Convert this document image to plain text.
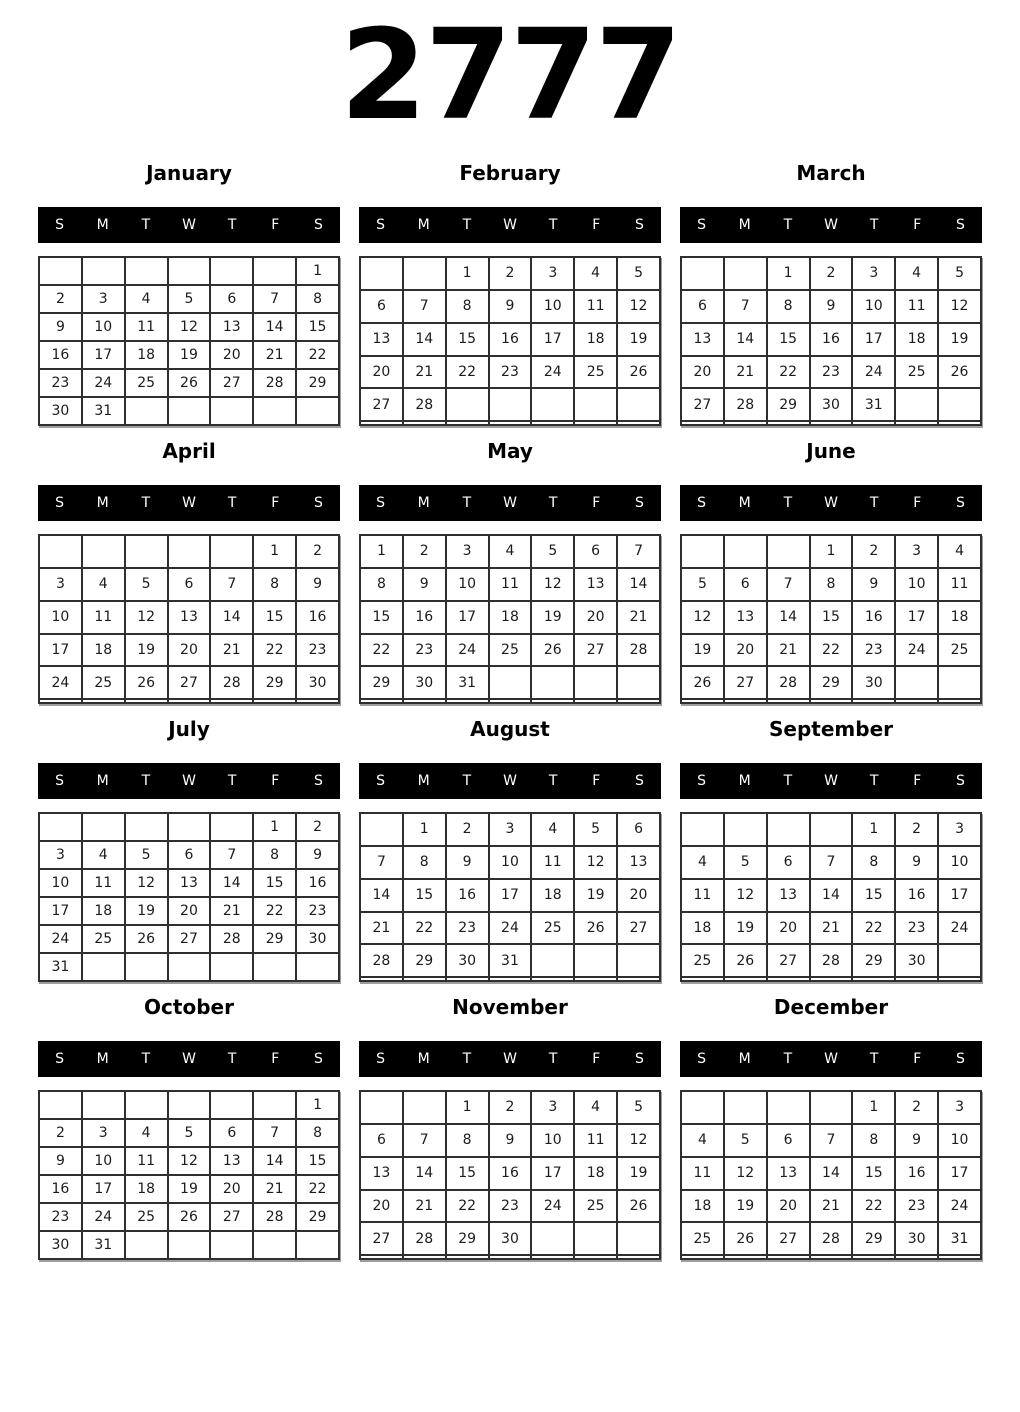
2777
January
S	M	T	W	T	F	S
						1
2	3	4	5	6	7	8
9	10	11	12	13	14	15
16	17	18	19	20	21	22
23	24	25	26	27	28	29
30	31					
February
S	M	T	W	T	F	S
		1	2	3	4	5
6	7	8	9	10	11	12
13	14	15	16	17	18	19
20	21	22	23	24	25	26
27	28					

March
S	M	T	W	T	F	S
		1	2	3	4	5
6	7	8	9	10	11	12
13	14	15	16	17	18	19
20	21	22	23	24	25	26
27	28	29	30	31		

April
S	M	T	W	T	F	S
					1	2
3	4	5	6	7	8	9
10	11	12	13	14	15	16
17	18	19	20	21	22	23
24	25	26	27	28	29	30

May
S	M	T	W	T	F	S
1	2	3	4	5	6	7
8	9	10	11	12	13	14
15	16	17	18	19	20	21
22	23	24	25	26	27	28
29	30	31				

June
S	M	T	W	T	F	S
			1	2	3	4
5	6	7	8	9	10	11
12	13	14	15	16	17	18
19	20	21	22	23	24	25
26	27	28	29	30		

July
S	M	T	W	T	F	S
					1	2
3	4	5	6	7	8	9
10	11	12	13	14	15	16
17	18	19	20	21	22	23
24	25	26	27	28	29	30
31						
August
S	M	T	W	T	F	S
	1	2	3	4	5	6
7	8	9	10	11	12	13
14	15	16	17	18	19	20
21	22	23	24	25	26	27
28	29	30	31			

September
S	M	T	W	T	F	S
				1	2	3
4	5	6	7	8	9	10
11	12	13	14	15	16	17
18	19	20	21	22	23	24
25	26	27	28	29	30	

October
S	M	T	W	T	F	S
						1
2	3	4	5	6	7	8
9	10	11	12	13	14	15
16	17	18	19	20	21	22
23	24	25	26	27	28	29
30	31					
November
S	M	T	W	T	F	S
		1	2	3	4	5
6	7	8	9	10	11	12
13	14	15	16	17	18	19
20	21	22	23	24	25	26
27	28	29	30			

December
S	M	T	W	T	F	S
				1	2	3
4	5	6	7	8	9	10
11	12	13	14	15	16	17
18	19	20	21	22	23	24
25	26	27	28	29	30	31
